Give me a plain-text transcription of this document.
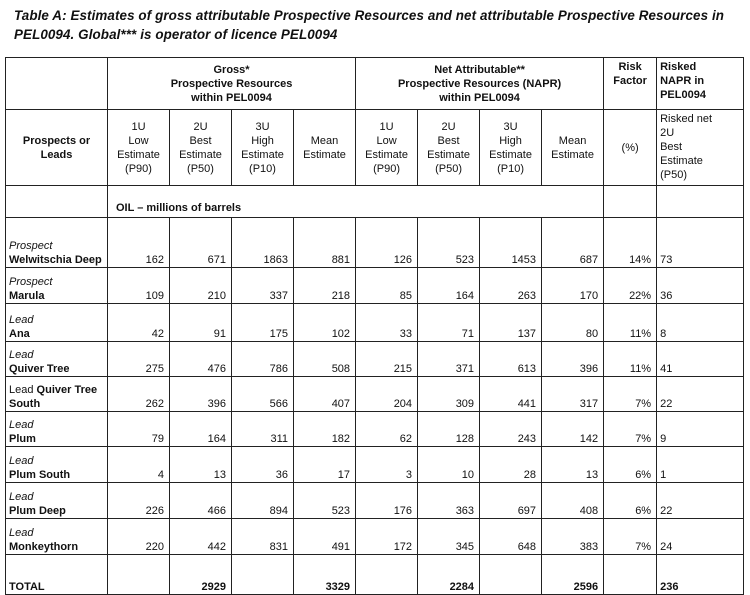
Table A: Estimates of gross attributable Prospective Resources and net attributable Prospective Resources in PEL0094. Global*** is operator of licence PEL0094
	Gross*
Prospective Resources
within PEL0094				Net Attributable**
Prospective Resources (NAPR)
within PEL0094				Risk
Factor	Risked
NAPR in
PEL0094
Prospects or
Leads	1U
Low
Estimate
(P90)	2U
Best
Estimate
(P50)	3U
High
Estimate
(P10)	Mean
Estimate	1U
Low
Estimate
(P90)	2U
Best
Estimate
(P50)	3U
High
Estimate
(P10)	Mean
Estimate	(%)	Risked net
2U
Best
Estimate
(P50)
	OIL – millions of barrels									
Prospect
Welwitschia Deep	162	671	1863	881	126	523	1453	687	14%	73
Prospect
Marula	109	210	337	218	85	164	263	170	22%	36
Lead
Ana	42	91	175	102	33	71	137	80	11%	8
Lead
Quiver Tree	275	476	786	508	215	371	613	396	11%	41
Lead Quiver Tree South	262	396	566	407	204	309	441	317	7%	22
Lead
Plum	79	164	311	182	62	128	243	142	7%	9
Lead
Plum South	4	13	36	17	3	10	28	13	6%	1
Lead
Plum Deep	226	466	894	523	176	363	697	408	6%	22
Lead
Monkeythorn	220	442	831	491	172	345	648	383	7%	24
TOTAL		2929		3329		2284		2596		236
